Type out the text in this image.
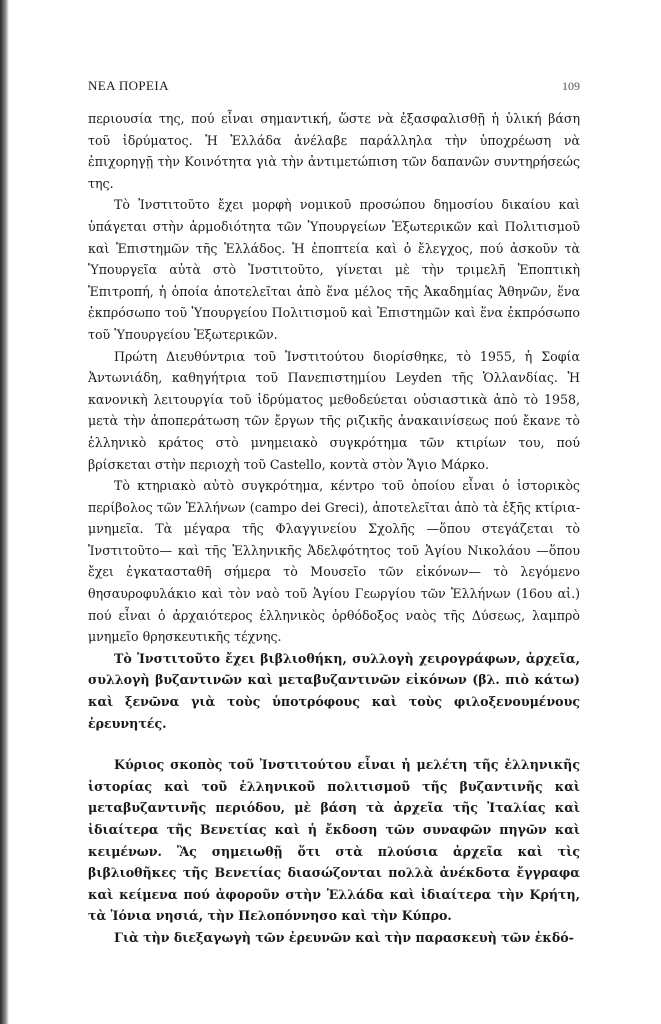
ΝΕΑ ΠΟΡΕΙΑ	109

περιουσία της, πού εἶναι σημαντική, ὥστε νὰ ἐξασφαλισθῇ ἡ ὑλική βάση τοῦ ἱδρύματος. Ἡ Ἑλλάδα ἀνέλαβε παράλληλα τὴν ὑποχρέωση νὰ ἐπιχορηγῇ τὴν Κοινότητα γιὰ τὴν ἀντιμετώπιση τῶν δαπανῶν συντηρήσεώς της.

Τὸ Ἰνστιτοῦτο ἔχει μορφὴ νομικοῦ προσώπου δημοσίου δικαίου καὶ ὑπάγεται στὴν ἁρμοδιότητα τῶν Ὑπουργείων Ἐξωτερικῶν καὶ Πολιτισμοῦ καὶ Ἐπιστημῶν τῆς Ἑλλάδος. Ἡ ἐποπτεία καὶ ὁ ἔλεγχος, πού ἀσκοῦν τὰ Ὑπουργεῖα αὐτὰ στὸ Ἰνστιτοῦτο, γίνεται μὲ τὴν τριμελῆ Ἐποπτικὴ Ἐπιτροπή, ἡ ὁποία ἀποτελεῖται ἀπὸ ἕνα μέλος τῆς Ἀκαδημίας Ἀθηνῶν, ἕνα ἐκπρόσωπο τοῦ Ὑπουργείου Πολιτισμοῦ καὶ Ἐπιστημῶν καὶ ἕνα ἐκπρόσωπο τοῦ Ὑπουργείου Ἐξωτερικῶν.

Πρώτη Διευθύντρια τοῦ Ἰνστιτούτου διορίσθηκε, τὸ 1955, ἡ Σοφία Ἀντωνιάδη, καθηγήτρια τοῦ Πανεπιστημίου Leyden τῆς Ὁλλανδίας. Ἡ κανονικὴ λειτουργία τοῦ ἱδρύματος μεθοδεύεται οὐσιαστικὰ ἀπὸ τὸ 1958, μετὰ τὴν ἀποπεράτωση τῶν ἔργων τῆς ριζικῆς ἀνακαινίσεως πού ἔκανε τὸ ἑλληνικὸ κράτος στὸ μνημειακὸ συγκρότημα τῶν κτιρίων του, πού βρίσκεται στὴν περιοχὴ τοῦ Castello, κοντὰ στὸν Ἅγιο Μάρκο.

Τὸ κτηριακὸ αὐτὸ συγκρότημα, κέντρο τοῦ ὁποίου εἶναι ὁ ἱστορικὸς περίβολος τῶν Ἑλλήνων (campo dei Greci), ἀποτελεῖται ἀπὸ τὰ ἑξῆς κτίρια-μνημεῖα. Τὰ μέγαρα τῆς Φλαγγινείου Σχολῆς —ὅπου στεγάζεται τὸ Ἰνστιτοῦτο— καὶ τῆς Ἑλληνικῆς Ἀδελφότητος τοῦ Ἁγίου Νικολάου —ὅπου ἔχει ἐγκατασταθῆ σήμερα τὸ Μουσεῖο τῶν εἰκόνων— τὸ λεγόμενο θησαυροφυλάκιο καὶ τὸν ναὸ τοῦ Ἁγίου Γεωργίου τῶν Ἑλλήνων (16ου αἰ.) πού εἶναι ὁ ἀρχαιότερος ἑλληνικὸς ὀρθόδοξος ναὸς τῆς Δύσεως, λαμπρὸ μνημεῖο θρησκευτικῆς τέχνης.

Τὸ Ἰνστιτοῦτο ἔχει βιβλιοθήκη, συλλογὴ χειρογράφων, ἀρχεῖα, συλλογὴ βυζαντινῶν καὶ μεταβυζαντινῶν εἰκόνων (βλ. πιὸ κάτω) καὶ ξενῶνα γιὰ τοὺς ὑποτρόφους καὶ τοὺς φιλοξενουμένους ἐρευνητές.

Κύριος σκοπὸς τοῦ Ἰνστιτούτου εἶναι ἡ μελέτη τῆς ἑλληνικῆς ἱστορίας καὶ τοῦ ἑλληνικοῦ πολιτισμοῦ τῆς βυζαντινῆς καὶ μεταβυζαντινῆς περιόδου, μὲ βάση τὰ ἀρχεῖα τῆς Ἰταλίας καὶ ἰδιαίτερα τῆς Βενετίας καὶ ἡ ἔκδοση τῶν συναφῶν πηγῶν καὶ κειμένων. Ἂς σημειωθῇ ὅτι στὰ πλούσια ἀρχεῖα καὶ τὶς βιβλιοθῆκες τῆς Βενετίας διασώζονται πολλὰ ἀνέκδοτα ἔγγραφα καὶ κείμενα πού ἀφοροῦν στὴν Ἑλλάδα καὶ ἰδιαίτερα τὴν Κρήτη, τὰ Ἰόνια νησιά, τὴν Πελοπόννησο καὶ τὴν Κύπρο.

Γιὰ τὴν διεξαγωγὴ τῶν ἐρευνῶν καὶ τὴν παρασκευὴ τῶν ἐκδό-
